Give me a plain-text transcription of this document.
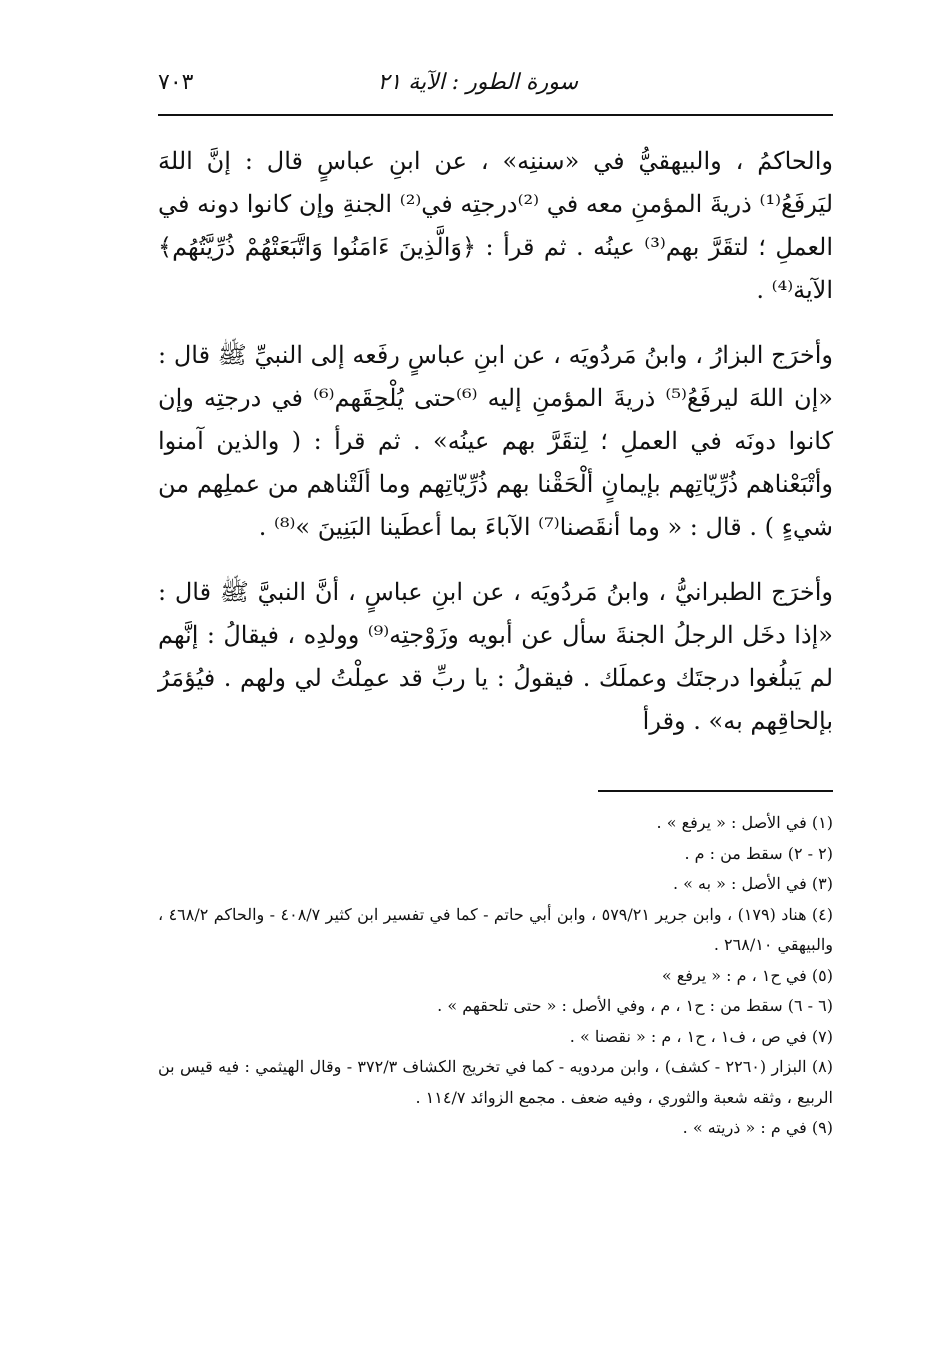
سورة الطور : الآية ٢١
٧٠٣

والحاكمُ ، والبيهقيُّ في «سننِه» ، عن ابنِ عباسٍ قال : إنَّ اللهَ ليَرفَعُ⁽¹⁾ ذريةَ المؤمنِ معه في ⁽²⁾درجتِه في⁽²⁾ الجنةِ وإن كانوا دونه في العملِ ؛ لتقَرَّ بهم⁽³⁾ عينُه . ثم قرأ : ﴿وَالَّذِينَ ءَامَنُوا وَاتَّبَعَتْهُمْ ذُرِّيَّتُهُم﴾ الآية⁽⁴⁾ .

وأخرَج البزارُ ، وابنُ مَردُويَه ، عن ابنِ عباسٍ رفَعه إلى النبيِّ ﷺ قال : «إن اللهَ ليرفَعُ⁽⁵⁾ ذريةَ المؤمنِ إليه ⁽⁶⁾حتى يُلْحِقَهم⁽⁶⁾ في درجتِه وإن كانوا دونَه في العملِ ؛ لِتقَرَّ بهم عينُه» . ثم قرأ : ( والذين آمنوا وأتْبَعْناهم ذُرِّيّاتِهم بإيمانٍ ألْحَقْنا بهم ذُرِّيّاتِهم وما ألَتْناهم من عملِهم من شيءٍ ) . قال : « وما أنقَصنا⁽⁷⁾ الآباءَ بما أعطَينا البَنِينَ »⁽⁸⁾ .

وأخرَج الطبرانيُّ ، وابنُ مَردُويَه ، عن ابنِ عباسٍ ، أنَّ النبيَّ ﷺ قال : «إذا دخَل الرجلُ الجنةَ سأل عن أبويه وزَوْجتِه⁽⁹⁾ وولدِه ، فيقالُ : إنَّهم لم يَبلُغوا درجتَك وعملَك . فيقولُ : يا ربِّ قد عمِلْتُ لي ولهم . فيُؤمَرُ بإلحاقِهم به» . وقرأ

(١) في الأصل : « يرفع » .

(٢ - ٢) سقط من : م .

(٣) في الأصل : « به » .

(٤) هناد (١٧٩) ، وابن جرير ٥٧٩/٢١ ، وابن أبي حاتم - كما في تفسير ابن كثير ٤٠٨/٧ - والحاكم ٤٦٨/٢ ، والبيهقي ٢٦٨/١٠ .

(٥) في ح١ ، م : « يرفع »

(٦ - ٦) سقط من : ح١ ، م ، وفي الأصل : « حتى تلحقهم » .

(٧) في ص ، ف١ ، ح١ ، م : « نقصنا » .

(٨) البزار (٢٢٦٠ - كشف) ، وابن مردويه - كما في تخريج الكشاف ٣٧٢/٣ - وقال الهيثمي : فيه قيس بن الربيع ، وثقه شعبة والثوري ، وفيه ضعف . مجمع الزوائد ١١٤/٧ .

(٩) في م : « ذريته » .
